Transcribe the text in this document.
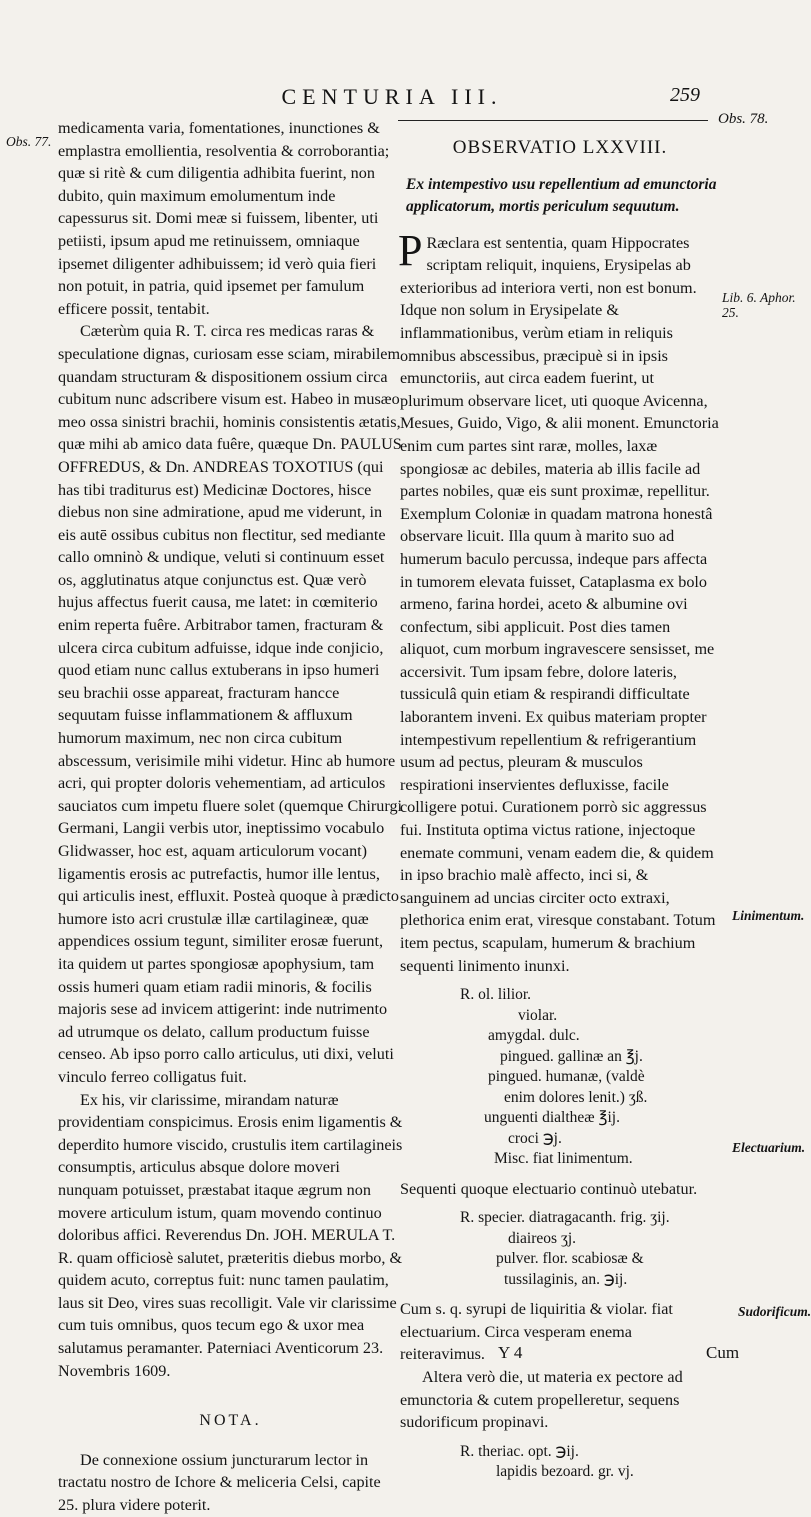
CENTURIA III.	259
Obs. 77.
Obs. 78.
Lib. 6. Aphor. 25.
Linimentum.
Electuarium.
Sudorificum.

medicamenta varia, fomentationes, inunctiones & emplastra emollientia, resolventia & corroborantia; quæ si ritè & cum diligentia adhibita fuerint, non dubito, quin maximum emolumentum inde capessurus sit. Domi meæ si fuissem, libenter, uti petiisti, ipsum apud me retinuissem, omniaque ipsemet diligenter adhibuissem; id verò quia fieri non potuit, in patria, quid ipsemet per famulum efficere possit, tentabit.

Cæterùm quia R. T. circa res medicas raras & speculatione dignas, curiosam esse sciam, mirabilem quandam structuram & dispositionem ossium circa cubitum nunc adscribere visum est. Habeo in musæo meo ossa sinistri brachii, hominis consistentis ætatis, quæ mihi ab amico data fuêre, quæque Dn. PAULUS OFFREDUS, & Dn. ANDREAS TOXOTIUS (qui has tibi traditurus est) Medicinæ Doctores, hisce diebus non sine admiratione, apud me viderunt, in eis autē ossibus cubitus non flectitur, sed mediante callo omninò & undique, veluti si continuum esset os, agglutinatus atque conjunctus est. Quæ verò hujus affectus fuerit causa, me latet: in cœmiterio enim reperta fuêre. Arbitrabor tamen, fracturam & ulcera circa cubitum adfuisse, idque inde conjicio, quod etiam nunc callus extuberans in ipso humeri seu brachii osse appareat, fracturam hancce sequutam fuisse inflammationem & affluxum humorum maximum, nec non circa cubitum abscessum, verisimile mihi videtur. Hinc ab humore acri, qui propter doloris vehementiam, ad articulos sauciatos cum impetu fluere solet (quemque Chirurgi Germani, Langii verbis utor, ineptissimo vocabulo Glidwasser, hoc est, aquam articulorum vocant) ligamentis erosis ac putrefactis, humor ille lentus, qui articulis inest, effluxit. Posteà quoque à prædicto humore isto acri crustulæ illæ cartilagineæ, quæ appendices ossium tegunt, similiter erosæ fuerunt, ita quidem ut partes spongiosæ apophysium, tam ossis humeri quam etiam radii minoris, & focilis majoris sese ad invicem attigerint: inde nutrimento ad utrumque os delato, callum productum fuisse censeo. Ab ipso porro callo articulus, uti dixi, veluti vinculo ferreo colligatus fuit.

Ex his, vir clarissime, mirandam naturæ providentiam conspicimus. Erosis enim ligamentis & deperdito humore viscido, crustulis item cartilagineis consumptis, articulus absque dolore moveri nunquam potuisset, præstabat itaque ægrum non movere articulum istum, quam movendo continuo doloribus affici. Reverendus Dn. JOH. MERULA T. R. quam officiosè salutet, præteritis diebus morbo, & quidem acuto, correptus fuit: nunc tamen paulatim, laus sit Deo, vires suas recolligit. Vale vir clarissime cum tuis omnibus, quos tecum ego & uxor mea salutamus peramanter. Paterniaci Aventicorum 23. Novembris 1609.

NOTA.

De connexione ossium juncturarum lector in tractatu nostro de Ichore & meliceria Celsi, capite 25. plura videre poterit.

OBSERVATIO LXXVIII.
Ex intempestivo usu repellentium ad emunctoria applicatorum, mortis periculum sequutum.

P Ræclara est sententia, quam Hippocrates scriptam reliquit, inquiens, Erysipelas ab exterioribus ad interiora verti, non est bonum. Idque non solum in Erysipelate & inflammationibus, verùm etiam in reliquis omnibus abscessibus, præcipuè si in ipsis emunctoriis, aut circa eadem fuerint, ut plurimum observare licet, uti quoque Avicenna, Mesues, Guido, Vigo, & alii monent. Emunctoria enim cum partes sint raræ, molles, laxæ spongiosæ ac debiles, materia ab illis facile ad partes nobiles, quæ eis sunt proximæ, repellitur. Exemplum Coloniæ in quadam matrona honestâ observare licuit. Illa quum à marito suo ad humerum baculo percussa, indeque pars affecta in tumorem elevata fuisset, Cataplasma ex bolo armeno, farina hordei, aceto & albumine ovi confectum, sibi applicuit. Post dies tamen aliquot, cum morbum ingravescere sensisset, me accersivit. Tum ipsam febre, dolore lateris, tussiculâ quin etiam & respirandi difficultate laborantem inveni. Ex quibus materiam propter intempestivum repellentium & refrigerantium usum ad pectus, pleuram & musculos respirationi inservientes defluxisse, facile colligere potui. Curationem porrò sic aggressus fui. Instituta optima victus ratione, injectoque enemate communi, venam eadem die, & quidem in ipso brachio malè affecto, inci si, & sanguinem ad uncias circiter octo extraxi, plethorica enim erat, viresque constabant. Totum item pectus, scapulam, humerum & brachium sequenti linimento inunxi.

R. ol. lilior.
violar.
amygdal. dulc.
pingued. gallinæ an ℥j.
pingued. humanæ, (valdè
enim dolores lenit.) ʒß.
unguenti dialtheæ ℥ij.
croci ℈j.
Misc. fiat linimentum.

Sequenti quoque electuario continuò utebatur.

R. specier. diatragacanth. frig. ʒij.
diaireos ʒj.
pulver. flor. scabiosæ &
tussilaginis, an. ℈ij.

Cum s. q. syrupi de liquiritia & violar. fiat electuarium. Circa vesperam enema reiteravimus.

Altera verò die, ut materia ex pectore ad emunctoria & cutem propelleretur, sequens sudorificum propinavi.

R. theriac. opt. ℈ij.
lapidis bezoard. gr. vj.
Y 4	Cum
